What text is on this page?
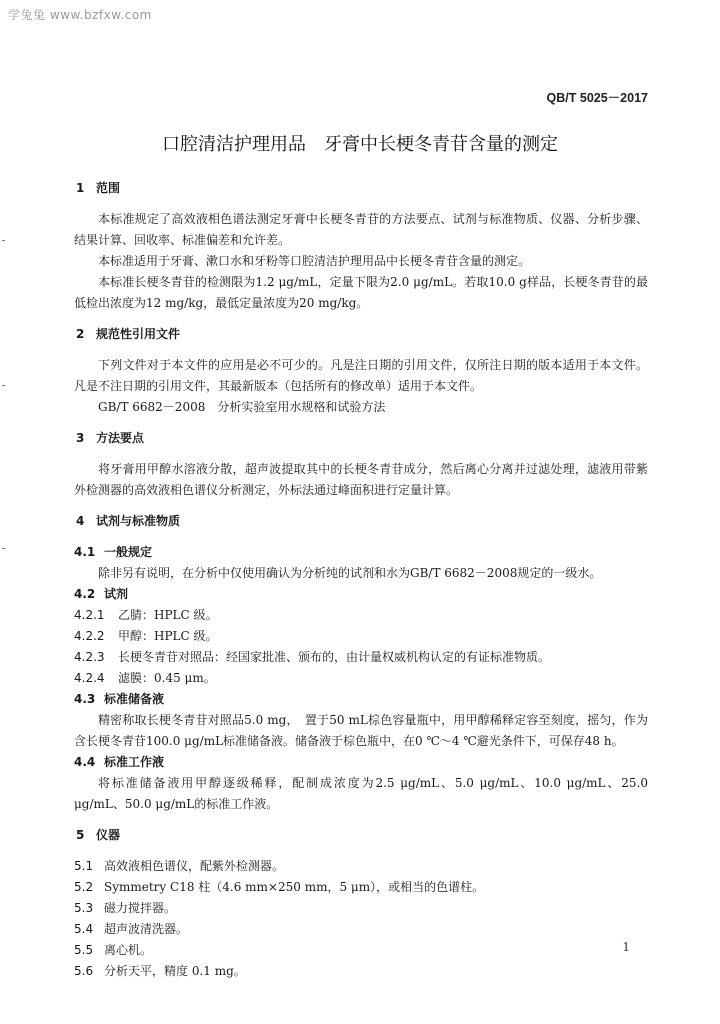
学兔兔 www.bzfxw.com
QB/T 5025－2017
口腔清洁护理用品　牙膏中长梗冬青苷含量的测定
1 范围
本标准规定了高效液相色谱法测定牙膏中长梗冬青苷的方法要点、试剂与标准物质、仪器、分析步骤、结果计算、回收率、标准偏差和允许差。
本标准适用于牙膏、漱口水和牙粉等口腔清洁护理用品中长梗冬青苷含量的测定。
本标准长梗冬青苷的检测限为1.2 μg/mL，定量下限为2.0 μg/mL。若取10.0 g样品，长梗冬青苷的最低检出浓度为12 mg/kg，最低定量浓度为20 mg/kg。
2 规范性引用文件
下列文件对于本文件的应用是必不可少的。凡是注日期的引用文件，仅所注日期的版本适用于本文件。凡是不注日期的引用文件，其最新版本（包括所有的修改单）适用于本文件。
GB/T 6682－2008　分析实验室用水规格和试验方法
3 方法要点
将牙膏用甲醇水溶液分散，超声波提取其中的长梗冬青苷成分，然后离心分离并过滤处理，滤液用带紫外检测器的高效液相色谱仪分析测定，外标法通过峰面积进行定量计算。
4 试剂与标准物质
4.1 一般规定
除非另有说明，在分析中仅使用确认为分析纯的试剂和水为GB/T 6682－2008规定的一级水。
4.2 试剂
4.2.1 乙腈：HPLC 级。
4.2.2 甲醇：HPLC 级。
4.2.3 长梗冬青苷对照品：经国家批准、颁布的，由计量权威机构认定的有证标准物质。
4.2.4 滤膜：0.45 μm。
4.3 标准储备液
精密称取长梗冬青苷对照品5.0 mg，　置于50 mL棕色容量瓶中，用甲醇稀释定容至刻度，摇匀，作为含长梗冬青苷100.0 μg/mL标准储备液。储备液于棕色瓶中，在0 ℃～4 ℃避光条件下，可保存48 h。
4.4 标准工作液
将标准储备液用甲醇逐级稀释，配制成浓度为2.5 μg/mL、5.0 μg/mL、10.0 μg/mL、25.0 μg/mL、50.0 μg/mL的标准工作液。
5 仪器
5.1 高效液相色谱仪，配紫外检测器。
5.2 Symmetry C18 柱（4.6 mm×250 mm，5 μm），或相当的色谱柱。
5.3 磁力搅拌器。
5.4 超声波清洗器。
5.5 离心机。
5.6 分析天平，精度 0.1 mg。
1
